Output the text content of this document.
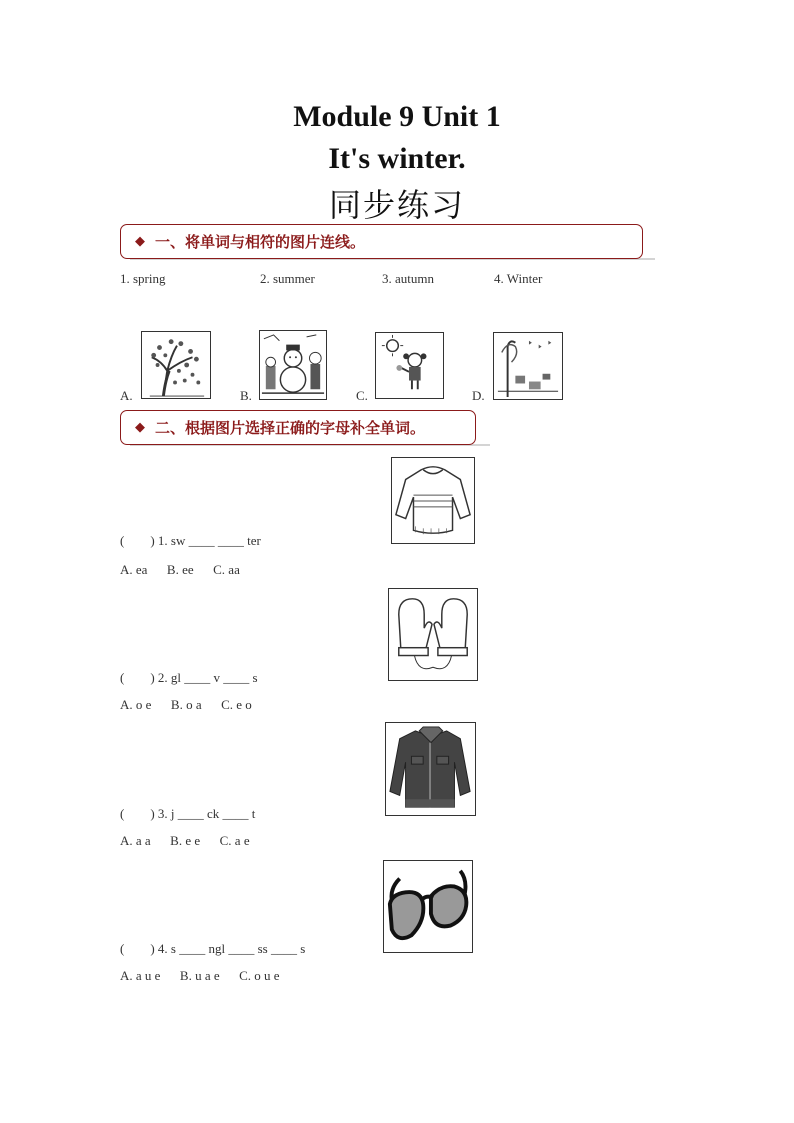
Module 9 Unit 1
It's winter.
同步练习
◆ 一、将单词与相符的图片连线。
1. spring	2. summer	3. autumn	4. Winter
A.	B.	C.	D.
◆ 二、根据图片选择正确的字母补全单词。
(        ) 1. sw ____ ____ ter
A. ea      B. ee      C. aa
(        ) 2. gl ____ v ____ s
A. o e      B. o a      C. e o
(        ) 3. j ____ ck ____ t
A. a a      B. e e      C. a e
(        ) 4. s ____ ngl ____ ss ____ s
A. a u e      B. u a e      C. o u e
